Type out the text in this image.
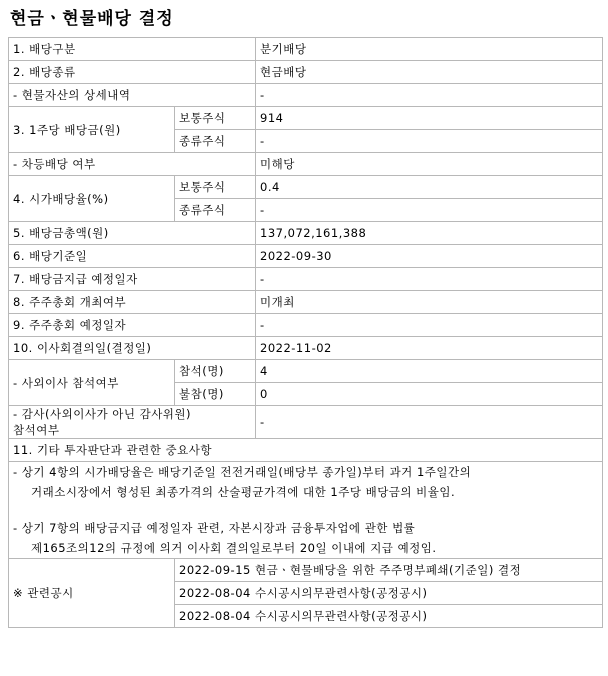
현금ㆍ현물배당 결정
1. 배당구분		분기배당
2. 배당종류		현금배당
- 현물자산의 상세내역		-
3. 1주당 배당금(원)	보통주식	914
	종류주식	-
- 차등배당 여부		미해당
4. 시가배당율(%)	보통주식	0.4
	종류주식	-
5. 배당금총액(원)		137,072,161,388
6. 배당기준일		2022-09-30
7. 배당금지급 예정일자		-
8. 주주총회 개최여부		미개최
9. 주주총회 예정일자		-
10. 이사회결의일(결정일)		2022-11-02
- 사외이사 참석여부	참석(명)	4
	불참(명)	0

- 감사(사외이사가 아닌 감사위원)
참석여부		-
11. 기타 투자판단과 관련한 중요사항		

- 상기 4항의 시가배당율은 배당기준일 전전거래일(배당부 종가일)부터 과거 1주일간의

거래소시장에서 형성된 최종가격의 산술평균가격에 대한 1주당 배당금의 비율임.

- 상기 7항의 배당금지급 예정일자 관련, 자본시장과 금융투자업에 관한 법률

제165조의12의 규정에 의거 이사회 결의일로부터 20일 이내에 지급 예정임.		

※ 관련공시	2022-09-15 현금ㆍ현물배당을 위한 주주명부폐쇄(기준일) 결정	
	2022-08-04 수시공시의무관련사항(공정공시)	
	2022-08-04 수시공시의무관련사항(공정공시)	
